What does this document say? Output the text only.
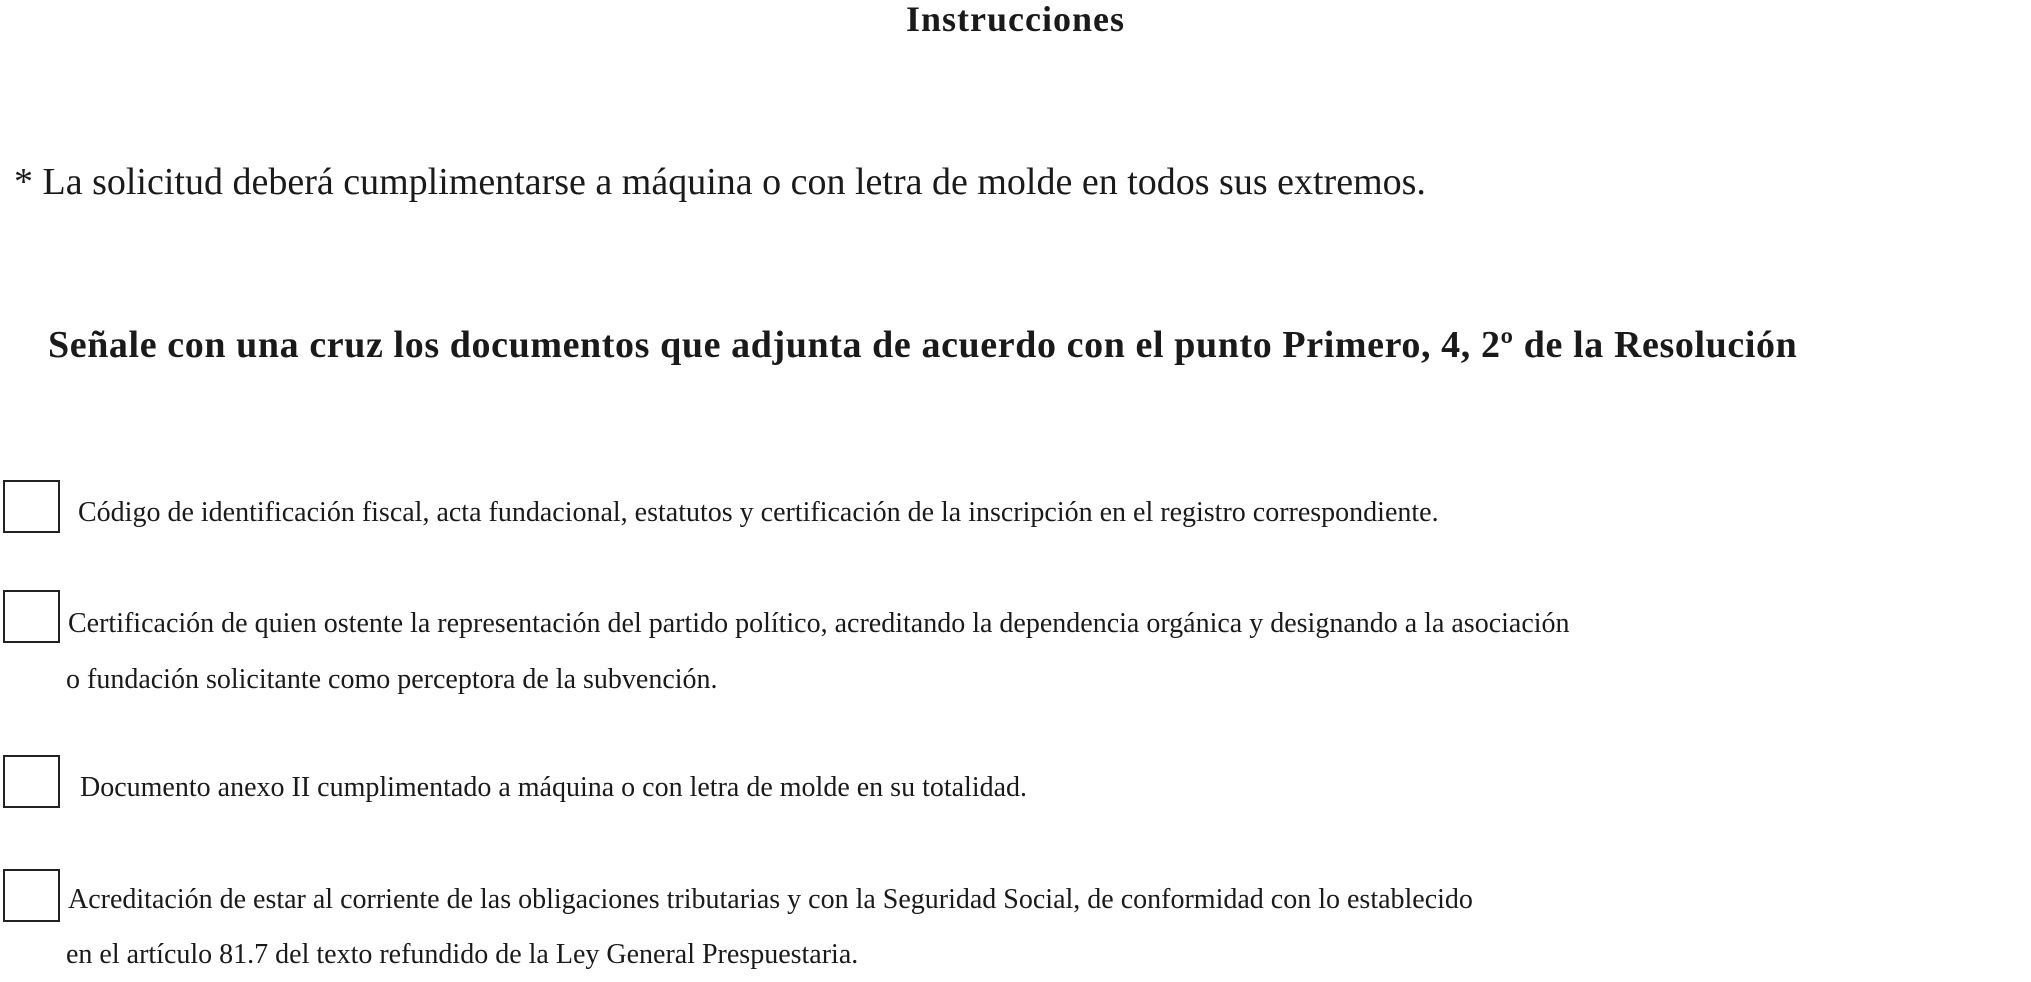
Instrucciones
* La solicitud deberá cumplimentarse a máquina o con letra de molde en todos sus extremos.
Señale con una cruz los documentos que adjunta de acuerdo con el punto Primero, 4, 2º de la Resolución
Código de identificación fiscal, acta fundacional, estatutos y certificación de la inscripción en el registro correspondiente.
Certificación de quien ostente la representación del partido político, acreditando la dependencia orgánica y designando a la asociación
o fundación solicitante como perceptora de la subvención.
Documento anexo II cumplimentado a máquina o con letra de molde en su totalidad.
Acreditación de estar al corriente de las obligaciones tributarias y con la Seguridad Social, de conformidad con lo establecido
en el artículo 81.7 del texto refundido de la Ley General Prespuestaria.
